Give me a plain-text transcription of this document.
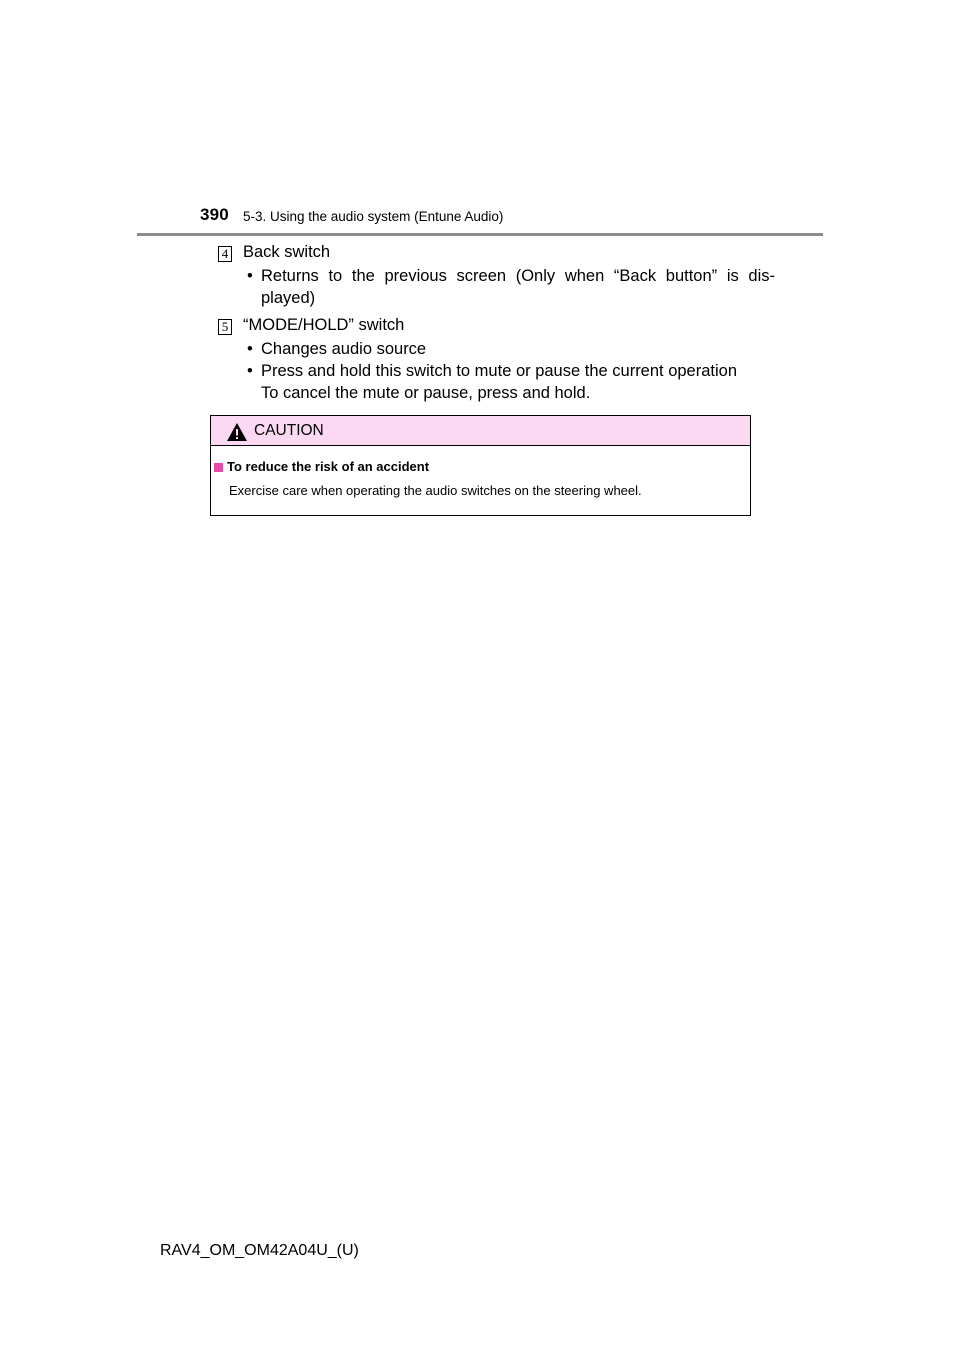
390 5-3. Using the audio system (Entune Audio)
4 Back switch
• Returns to the previous screen (Only when “Back button” is dis-
played)
5 “MODE/HOLD” switch
• Changes audio source
• Press and hold this switch to mute or pause the current operation
To cancel the mute or pause, press and hold.
CAUTION
To reduce the risk of an accident
Exercise care when operating the audio switches on the steering wheel.
RAV4_OM_OM42A04U_(U)
